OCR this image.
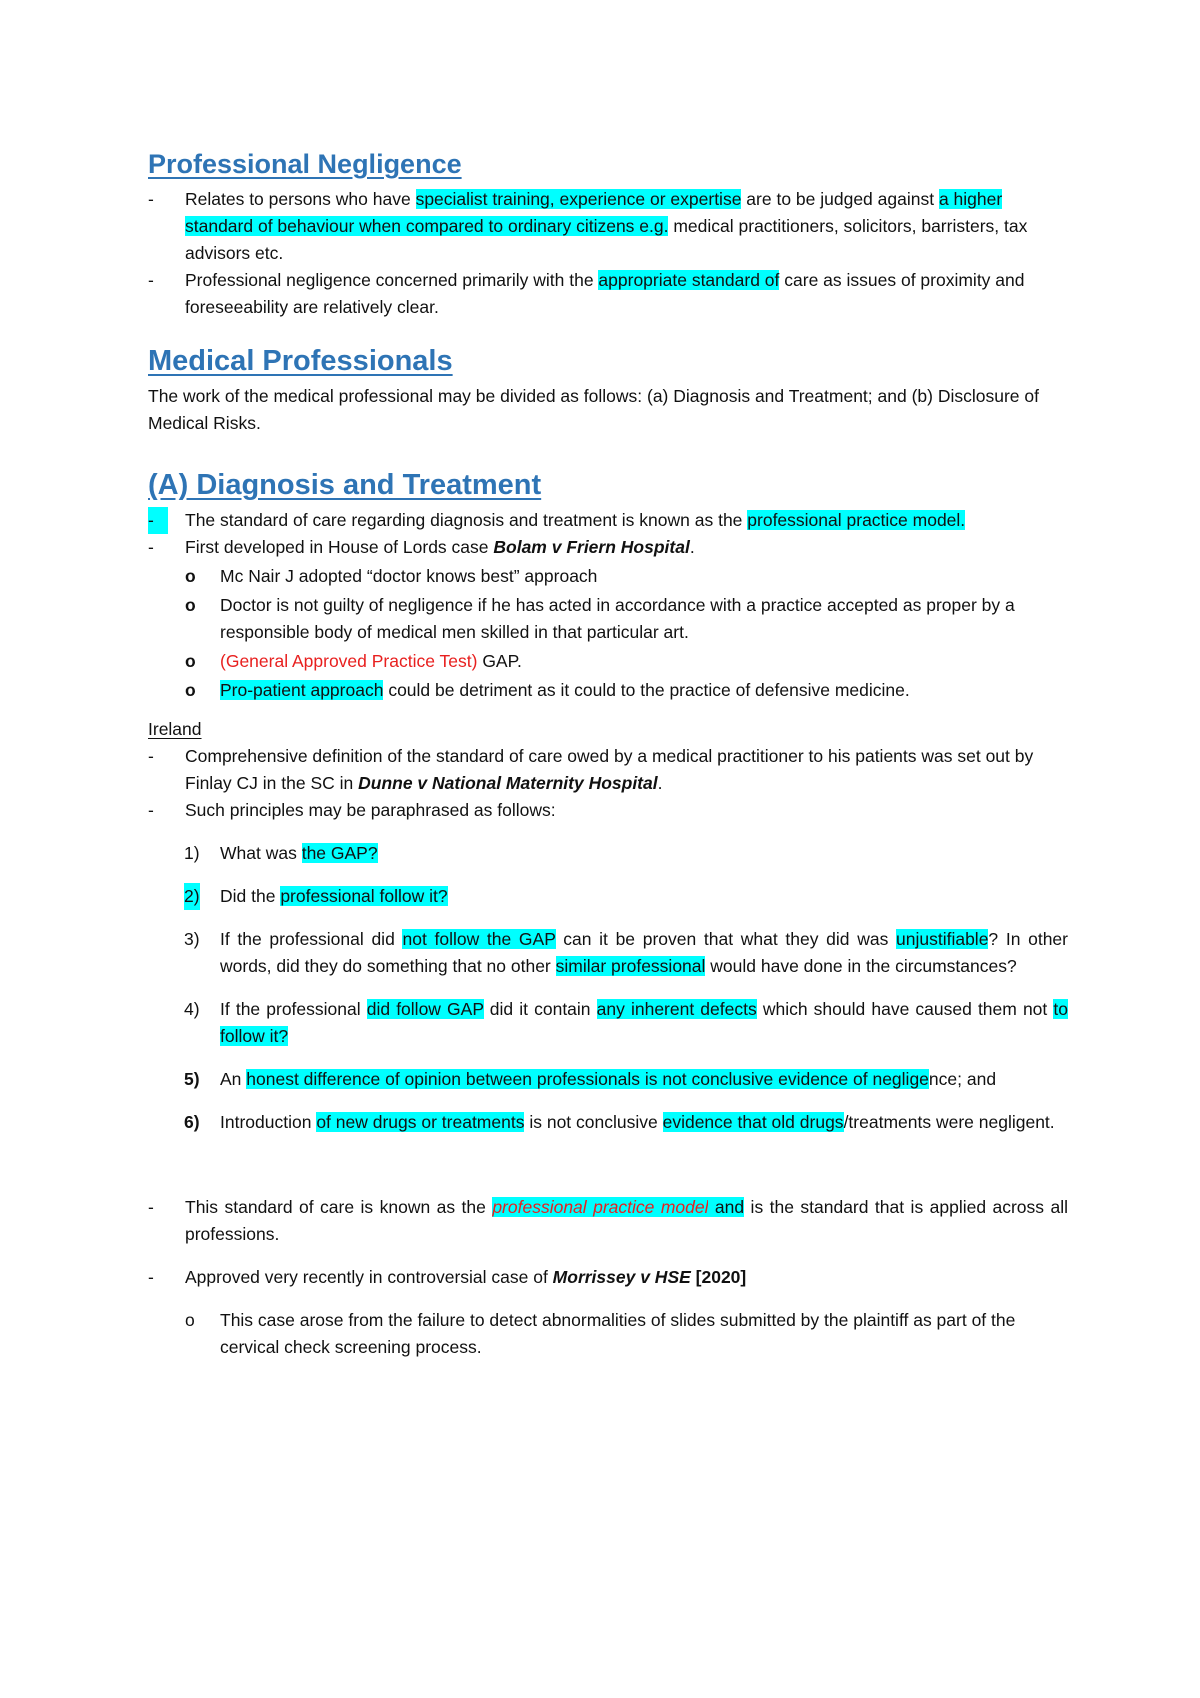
Professional Negligence
-	Relates to persons who have specialist training, experience or expertise are to be judged against a higher standard of behaviour when compared to ordinary citizens e.g. medical practitioners, solicitors, barristers, tax advisors etc.
-	Professional negligence concerned primarily with the appropriate standard of care as issues of proximity and foreseeability are relatively clear.
Medical Professionals

The work of the medical professional may be divided as follows: (a) Diagnosis and Treatment; and (b) Disclosure of Medical Risks.

(A) Diagnosis and Treatment
-	The standard of care regarding diagnosis and treatment is known as the professional practice model.
-	First developed in House of Lords case Bolam v Friern Hospital.
o Mc Nair J adopted “doctor knows best” approach
o Doctor is not guilty of negligence if he has acted in accordance with a practice accepted as proper by a responsible body of medical men skilled in that particular art.
o (General Approved Practice Test) GAP.
o Pro-patient approach could be detriment as it could to the practice of defensive medicine.
Ireland
-	Comprehensive definition of the standard of care owed by a medical practitioner to his patients was set out by Finlay CJ in the SC in Dunne v National Maternity Hospital.
-	Such principles may be paraphrased as follows:
1) What was the GAP?
2) Did the professional follow it?
3) If the professional did not follow the GAP can it be proven that what they did was unjustifiable? In other words, did they do something that no other similar professional would have done in the circumstances?
4) If the professional did follow GAP did it contain any inherent defects which should have caused them not to follow it?
5) An honest difference of opinion between professionals is not conclusive evidence of negligence; and
6) Introduction of new drugs or treatments is not conclusive evidence that old drugs/treatments were negligent.
-	This standard of care is known as the professional practice model and is the standard that is applied across all professions.
-	Approved very recently in controversial case of Morrissey v HSE [2020]
o This case arose from the failure to detect abnormalities of slides submitted by the plaintiff as part of the cervical check screening process.
